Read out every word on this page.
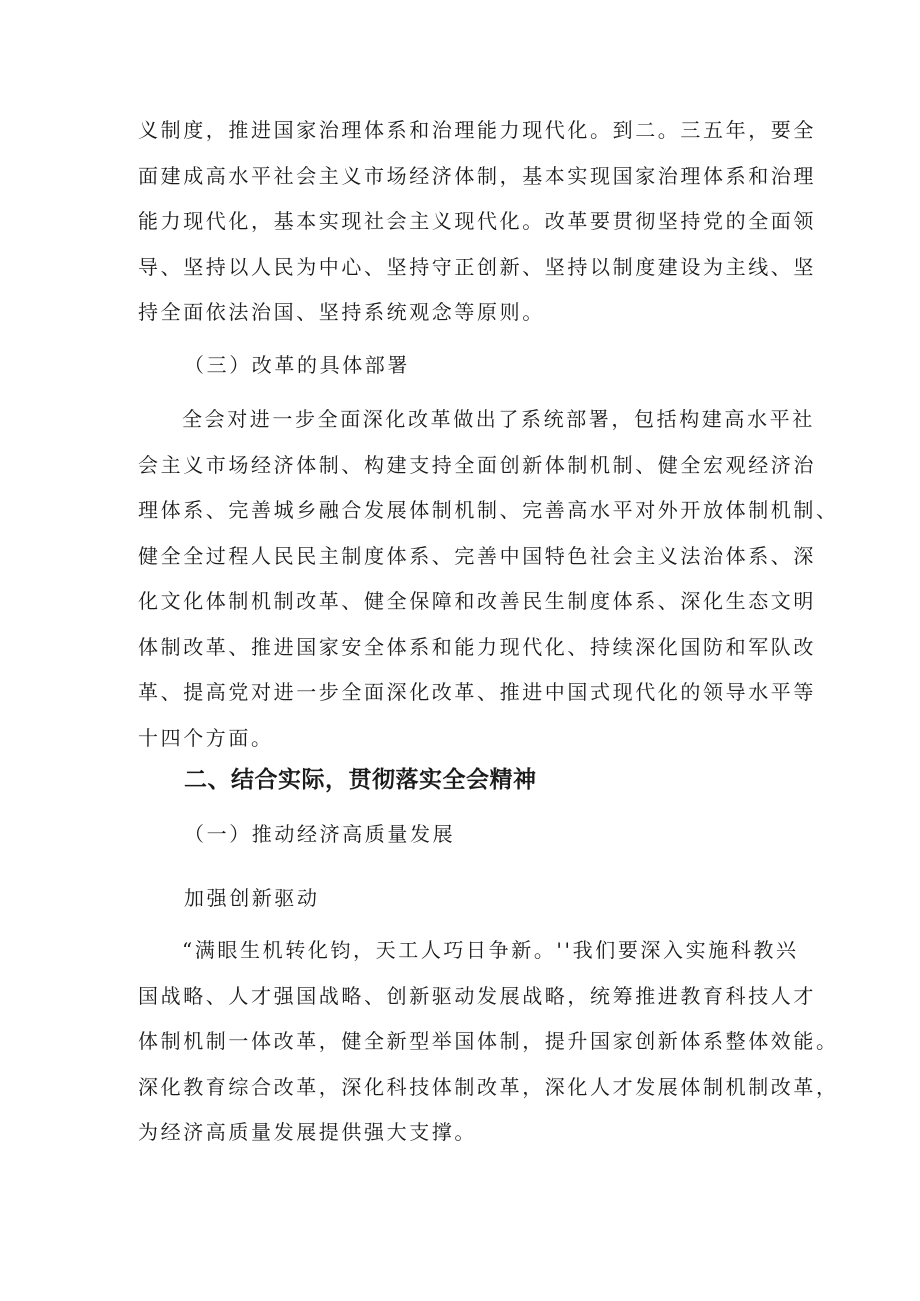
义制度，推进国家治理体系和治理能力现代化。到二。三五年，要全
面建成高水平社会主义市场经济体制，基本实现国家治理体系和治理
能力现代化，基本实现社会主义现代化。改革要贯彻坚持党的全面领
导、坚持以人民为中心、坚持守正创新、坚持以制度建设为主线、坚
持全面依法治国、坚持系统观念等原则。

（三）改革的具体部署

全会对进一步全面深化改革做出了系统部署，包括构建高水平社
会主义市场经济体制、构建支持全面创新体制机制、健全宏观经济治
理体系、完善城乡融合发展体制机制、完善高水平对外开放体制机制、
健全全过程人民民主制度体系、完善中国特色社会主义法治体系、深
化文化体制机制改革、健全保障和改善民生制度体系、深化生态文明
体制改革、推进国家安全体系和能力现代化、持续深化国防和军队改
革、提高党对进一步全面深化改革、推进中国式现代化的领导水平等
十四个方面。

二、结合实际，贯彻落实全会精神

（一）推动经济高质量发展

加强创新驱动

“满眼生机转化钧，天工人巧日争新。''我们要深入实施科教兴
国战略、人才强国战略、创新驱动发展战略，统筹推进教育科技人才
体制机制一体改革，健全新型举国体制，提升国家创新体系整体效能。
深化教育综合改革，深化科技体制改革，深化人才发展体制机制改革，
为经济高质量发展提供强大支撑。
